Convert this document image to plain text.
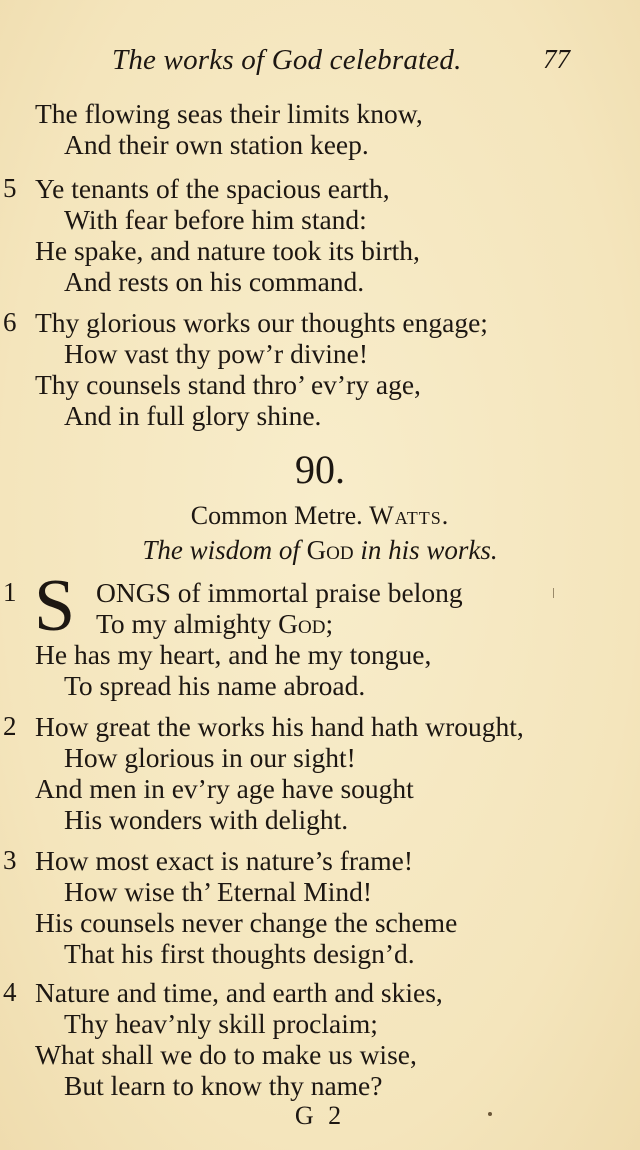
The works of God celebrated.	77
The flowing seas their limits know,
And their own station keep.
5 Ye tenants of the spacious earth,
With fear before him stand:
He spake, and nature took its birth,
And rests on his command.
6 Thy glorious works our thoughts engage;
How vast thy pow’r divine!
Thy counsels stand thro’ ev’ry age,
And in full glory shine.
90.
Common Metre. Watts.
The wisdom of God in his works.
S
1	ONGS of immortal praise belong
To my almighty God;
He has my heart, and he my tongue,
To spread his name abroad.
2 How great the works his hand hath wrought,
How glorious in our sight!
And men in ev’ry age have sought
His wonders with delight.
3 How most exact is nature’s frame!
How wise th’ Eternal Mind!
His counsels never change the scheme
That his first thoughts design’d.
4 Nature and time, and earth and skies,
Thy heav’nly skill proclaim;
What shall we do to make us wise,
But learn to know thy name?
G 2
